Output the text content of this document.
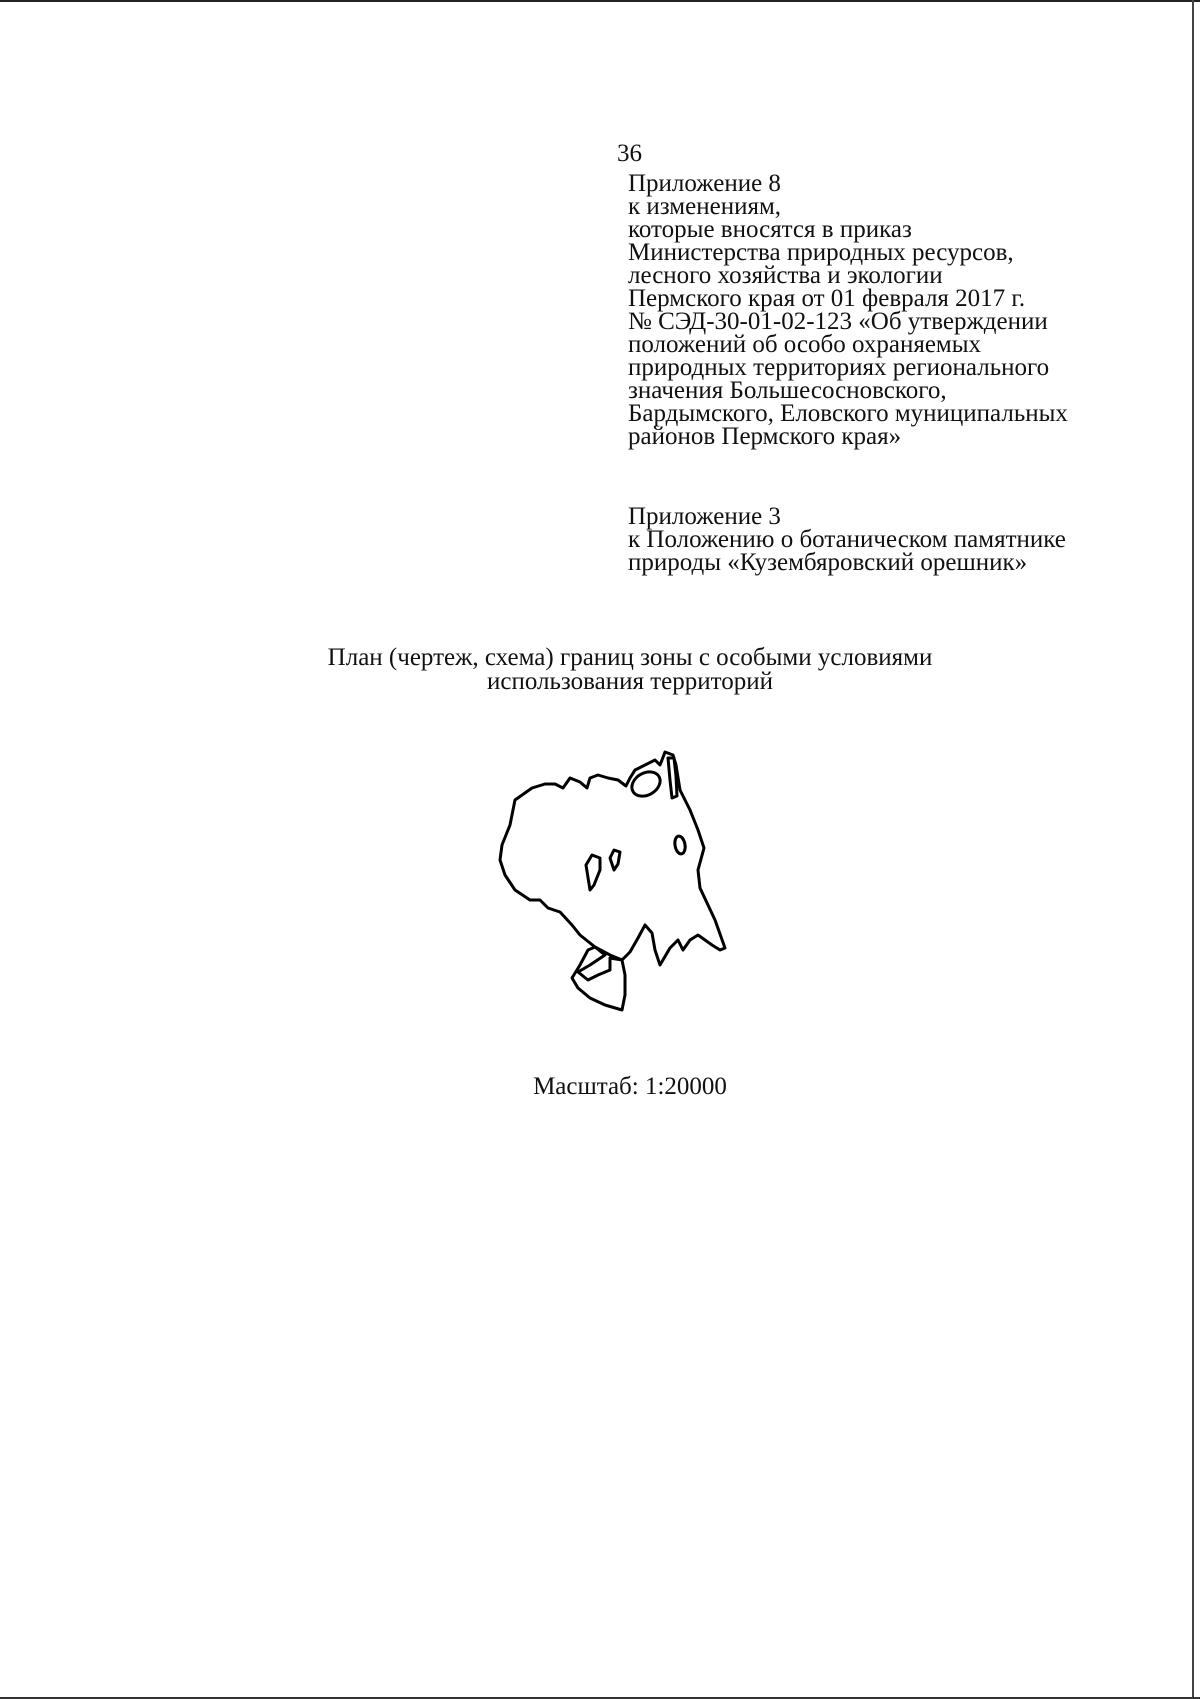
36
Приложение 8
к изменениям,
которые вносятся в приказ
Министерства природных ресурсов,
лесного хозяйства и экологии
Пермского края от 01 февраля 2017 г.
№ СЭД-30-01-02-123 «Об утверждении
положений об особо охраняемых
природных территориях регионального
значения Большесосновского,
Бардымского, Еловского муниципальных
районов Пермского края»
Приложение 3
к Положению о ботаническом памятнике
природы «Кузембяровский орешник»
План (чертеж, схема) границ зоны с особыми условиями
использования территорий
Масштаб: 1:20000
